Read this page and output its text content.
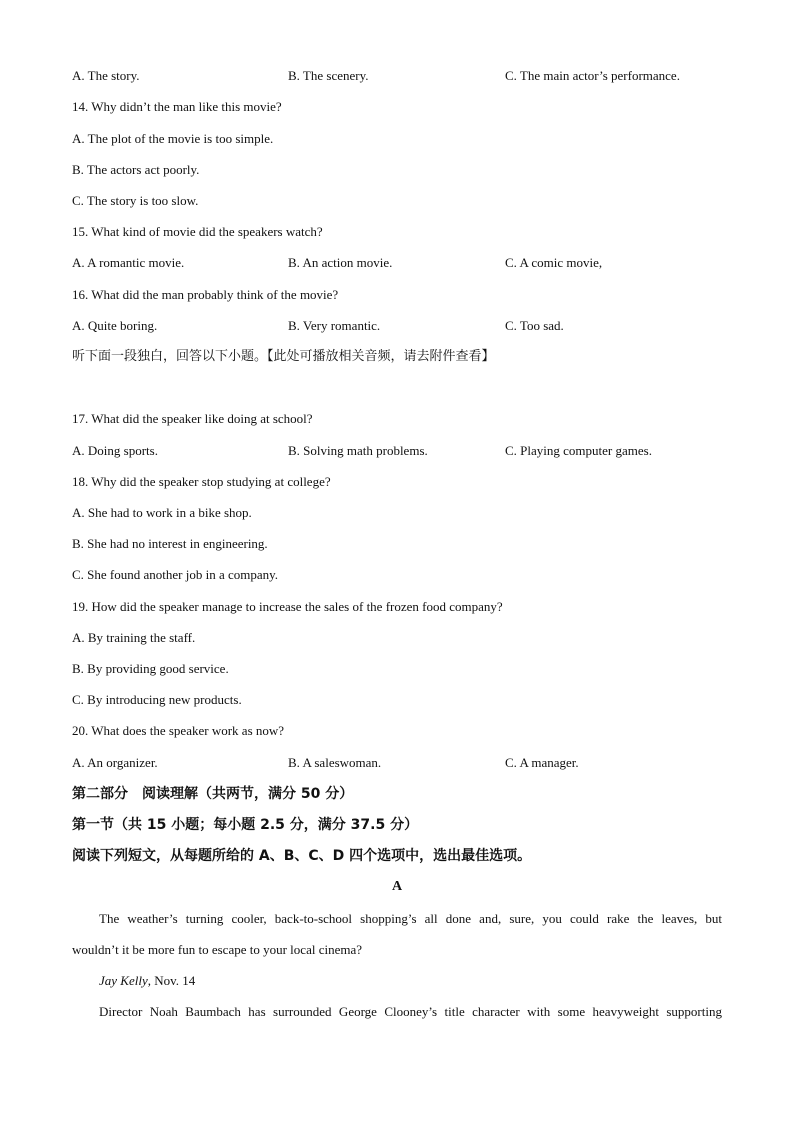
A. The story.	B. The scenery.	C. The main actor’s performance.
14. Why didn’t the man like this movie?
A. The plot of the movie is too simple.
B. The actors act poorly.
C. The story is too slow.
15. What kind of movie did the speakers watch?
A. A romantic movie.	B. An action movie.	C. A comic movie,
16. What did the man probably think of the movie?
A. Quite boring.	B. Very romantic.	C. Too sad.
听下面一段独白，回答以下小题。【此处可播放相关音频，请去附件查看】
17. What did the speaker like doing at school?
A. Doing sports.	B. Solving math problems.	C. Playing computer games.
18. Why did the speaker stop studying at college?
A. She had to work in a bike shop.
B. She had no interest in engineering.
C. She found another job in a company.
19. How did the speaker manage to increase the sales of the frozen food company?
A. By training the staff.
B. By providing good service.
C. By introducing new products.
20. What does the speaker work as now?
A. An organizer.	B. A saleswoman.	C. A manager.
第二部分　阅读理解（共两节，满分 50 分）
第一节（共 15 小题；每小题 2.5 分，满分 37.5 分）
阅读下列短文，从每题所给的 A、B、C、D 四个选项中，选出最佳选项。
A
The weather’s turning cooler, back-to-school shopping’s all done and, sure, you could rake the leaves, but
wouldn’t it be more fun to escape to your local cinema?
Jay Kelly, Nov. 14
Director Noah Baumbach has surrounded George Clooney’s title character with some heavyweight supporting
